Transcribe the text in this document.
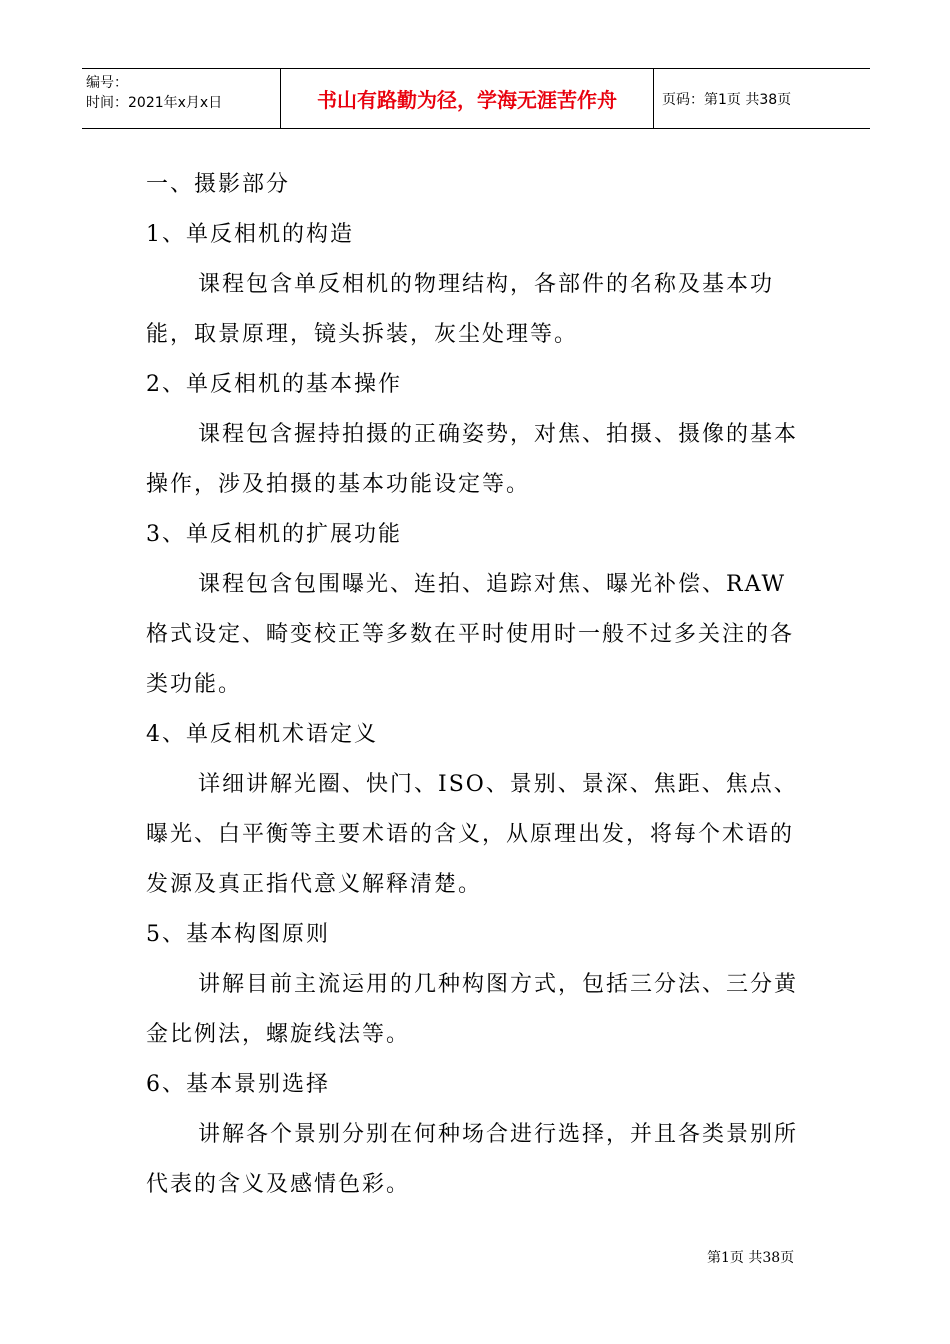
编号：
时间：2021年x月x日	书山有路勤为径，学海无涯苦作舟	页码：第1页 共38页

一、摄影部分

1、单反相机的构造

课程包含单反相机的物理结构，各部件的名称及基本功能，取景原理，镜头拆装，灰尘处理等。

2、单反相机的基本操作

课程包含握持拍摄的正确姿势，对焦、拍摄、摄像的基本操作，涉及拍摄的基本功能设定等。

3、单反相机的扩展功能

课程包含包围曝光、连拍、追踪对焦、曝光补偿、RAW格式设定、畸变校正等多数在平时使用时一般不过多关注的各类功能。

4、单反相机术语定义

详细讲解光圈、快门、ISO、景别、景深、焦距、焦点、曝光、白平衡等主要术语的含义，从原理出发，将每个术语的发源及真正指代意义解释清楚。

5、基本构图原则

讲解目前主流运用的几种构图方式，包括三分法、三分黄金比例法，螺旋线法等。

6、基本景别选择

讲解各个景别分别在何种场合进行选择，并且各类景别所代表的含义及感情色彩。

第1页 共38页
